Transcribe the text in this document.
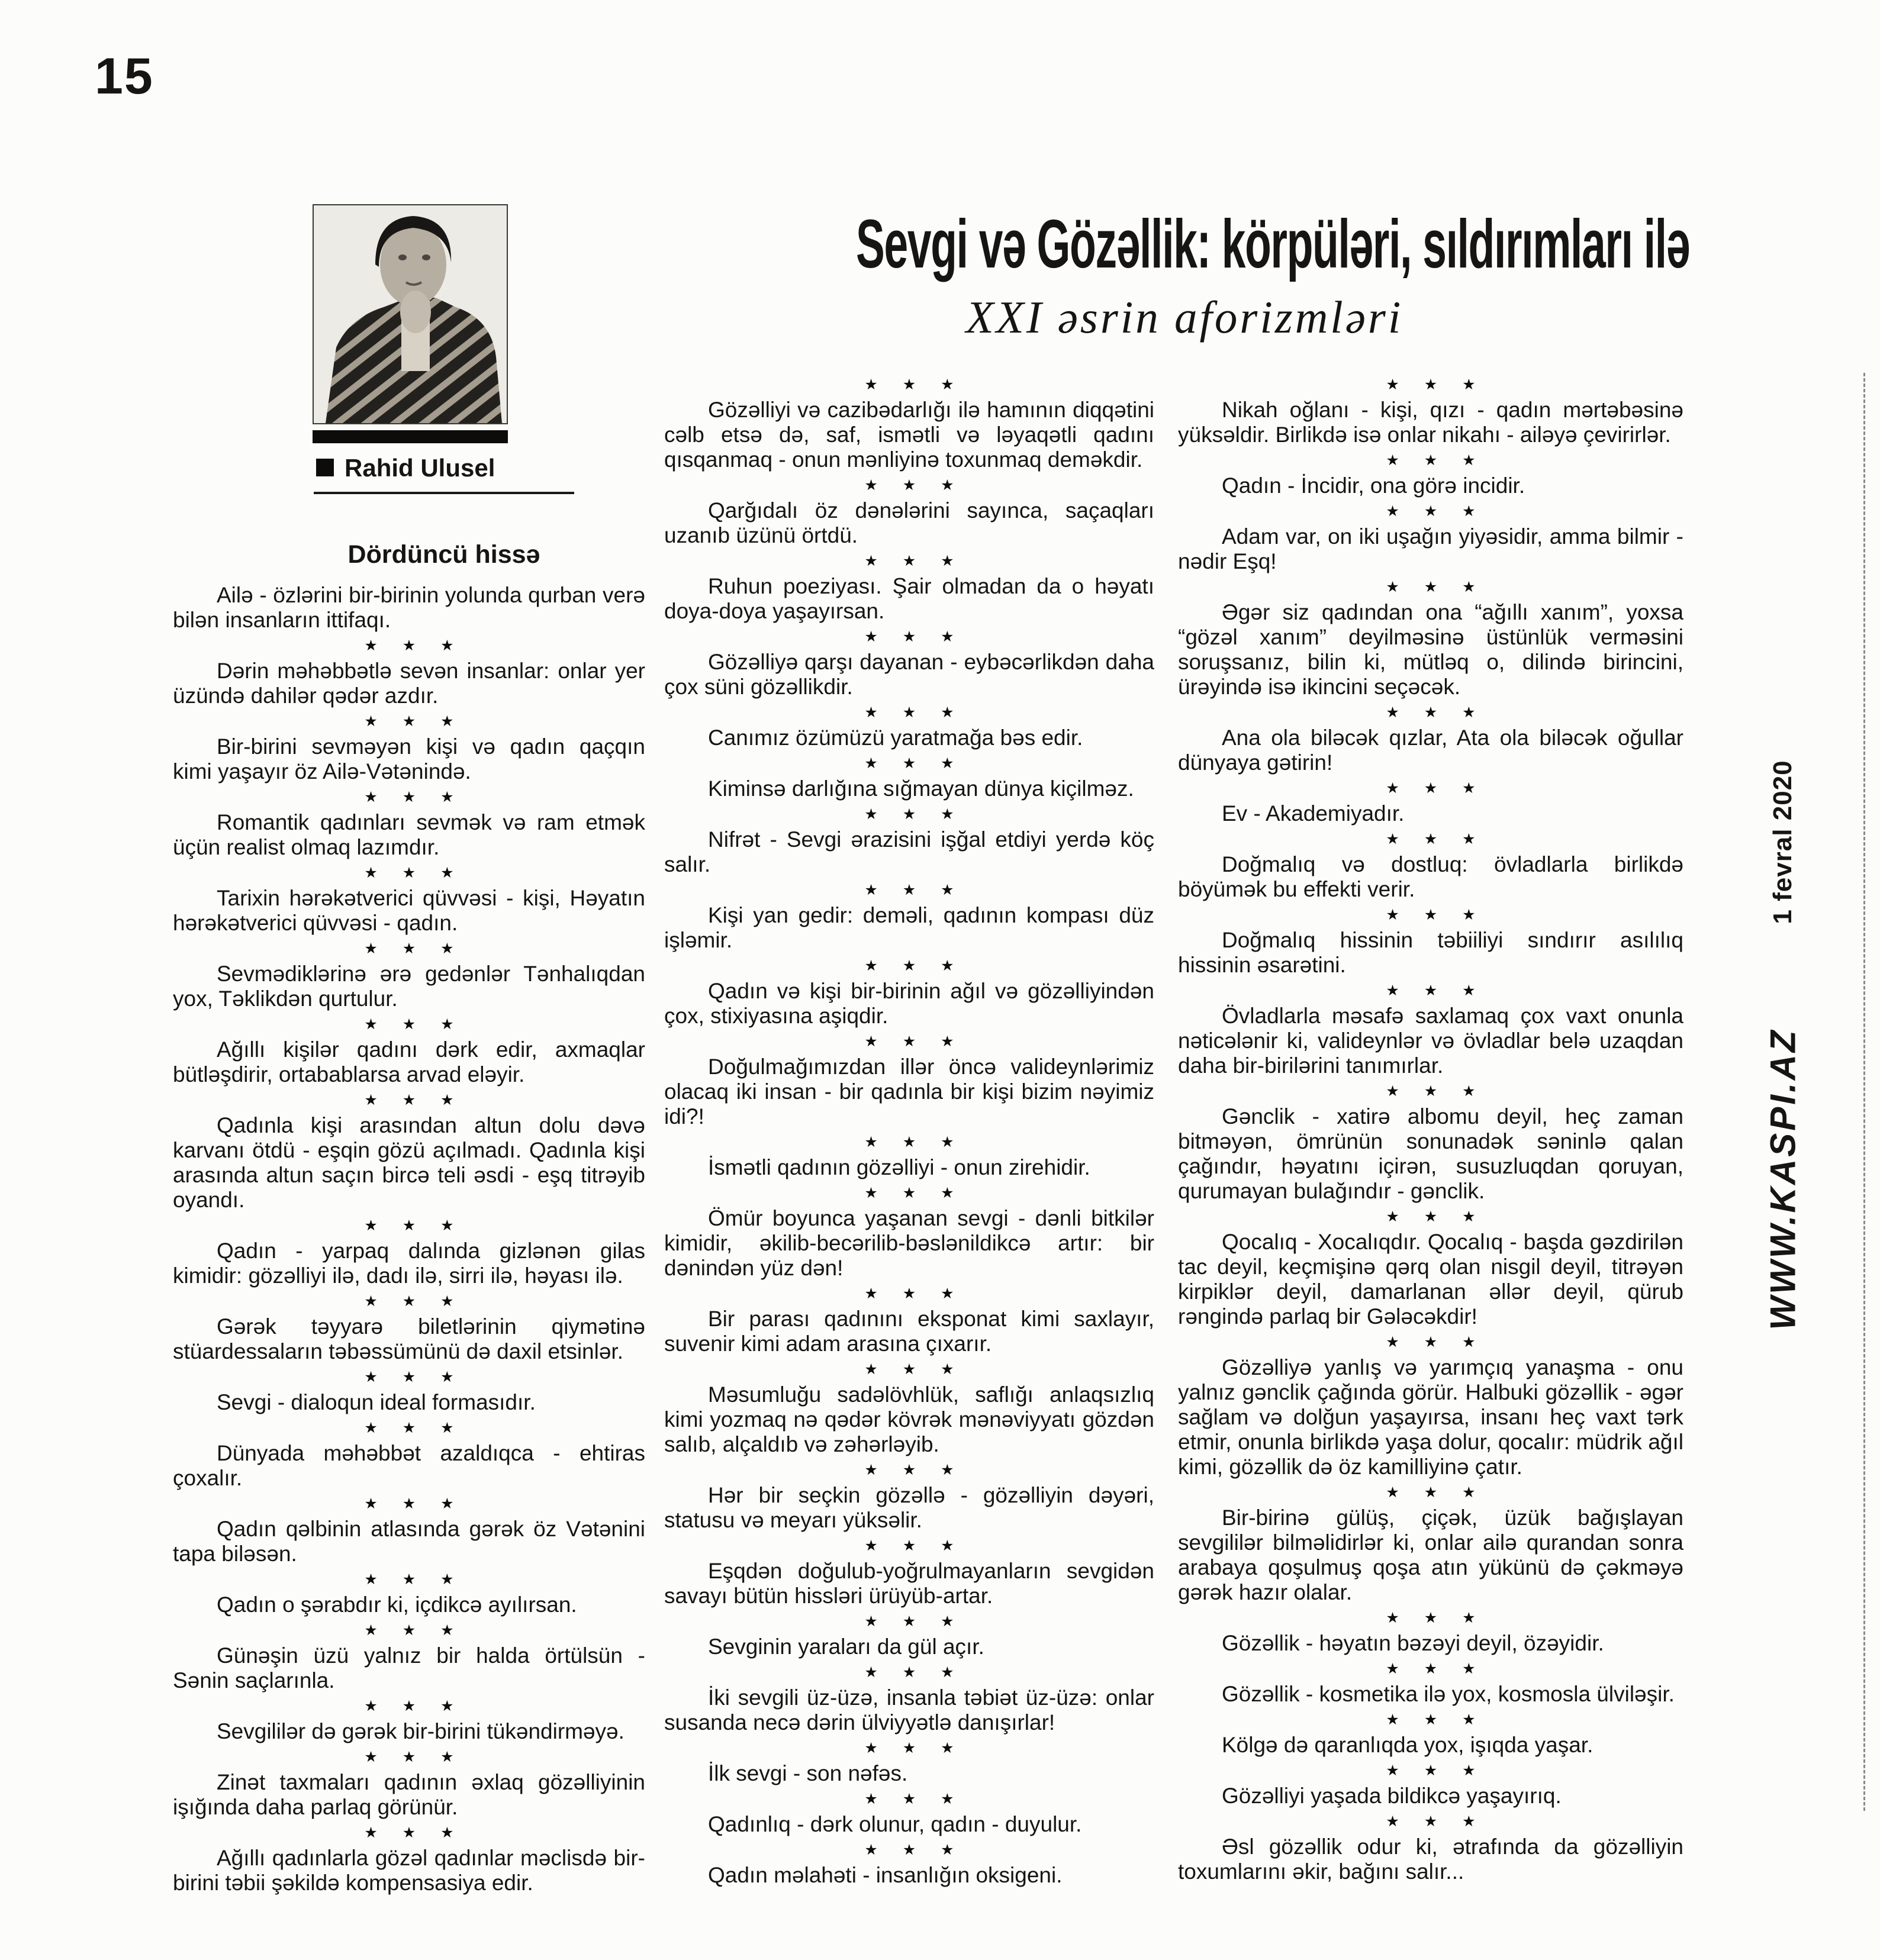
15
Rahid Ulusel
Dördüncü hissə
Sevgi və Gözəllik: körpüləri, sıldırımları ilə
XXI əsrin aforizmləri

Ailə - özlərini bir-birinin yolunda qurban verə bilən insanların ittifaqı.

★ ★ ★

Dərin məhəbbətlə sevən insanlar: onlar yer üzündə dahilər qədər azdır.

★ ★ ★

Bir-birini sevməyən kişi və qadın qaçqın kimi yaşayır öz Ailə-Vətənində.

★ ★ ★

Romantik qadınları sevmək və ram etmək üçün realist olmaq lazımdır.

★ ★ ★

Tarixin hərəkətverici qüvvəsi - kişi, Həyatın hərəkətverici qüvvəsi - qadın.

★ ★ ★

Sevmədiklərinə ərə gedənlər Tənhalıqdan yox, Təklikdən qurtulur.

★ ★ ★

Ağıllı kişilər qadını dərk edir, axmaqlar bütləşdirir, ortabablarsa arvad eləyir.

★ ★ ★

Qadınla kişi arasından altun dolu dəvə karvanı ötdü - eşqin gözü açılmadı. Qadınla kişi arasında altun saçın bircə teli əsdi - eşq titrəyib oyandı.

★ ★ ★

Qadın - yarpaq dalında gizlənən gilas kimidir: gözəlliyi ilə, dadı ilə, sirri ilə, həyası ilə.

★ ★ ★

Gərək təyyarə biletlərinin qiymətinə stüardessaların təbəssümünü də daxil etsinlər.

★ ★ ★

Sevgi - dialoqun ideal formasıdır.

★ ★ ★

Dünyada məhəbbət azaldıqca - ehtiras çoxalır.

★ ★ ★

Qadın qəlbinin atlasında gərək öz Vətənini tapa biləsən.

★ ★ ★

Qadın o şərabdır ki, içdikcə ayılırsan.

★ ★ ★

Günəşin üzü yalnız bir halda örtülsün - Sənin saçlarınla.

★ ★ ★

Sevgililər də gərək bir-birini tükəndirməyə.

★ ★ ★

Zinət taxmaları qadının əxlaq gözəlliyinin işığında daha parlaq görünür.

★ ★ ★

Ağıllı qadınlarla gözəl qadınlar məclisdə bir-birini təbii şəkildə kompensasiya edir.

★ ★ ★

Gözəlliyi və cazibədarlığı ilə hamının diqqətini cəlb etsə də, saf, ismətli və ləyaqətli qadını qısqanmaq - onun mənliyinə toxunmaq deməkdir.

★ ★ ★

Qarğıdalı öz dənələrini sayınca, saçaqları uzanıb üzünü örtdü.

★ ★ ★

Ruhun poeziyası. Şair olmadan da o həyatı doya-doya yaşayırsan.

★ ★ ★

Gözəlliyə qarşı dayanan - eybəcərlikdən daha çox süni gözəllikdir.

★ ★ ★

Canımız özümüzü yaratmağa bəs edir.

★ ★ ★

Kiminsə darlığına sığmayan dünya kiçilməz.

★ ★ ★

Nifrət - Sevgi ərazisini işğal etdiyi yerdə köç salır.

★ ★ ★

Kişi yan gedir: deməli, qadının kompası düz işləmir.

★ ★ ★

Qadın və kişi bir-birinin ağıl və gözəlliyindən çox, stixiyasına aşiqdir.

★ ★ ★

Doğulmağımızdan illər öncə valideynlərimiz olacaq iki insan - bir qadınla bir kişi bizim nəyimiz idi?!

★ ★ ★

İsmətli qadının gözəlliyi - onun zirehidir.

★ ★ ★

Ömür boyunca yaşanan sevgi - dənli bitkilər kimidir, əkilib-becərilib-bəslənildikcə artır: bir dənindən yüz dən!

★ ★ ★

Bir parası qadınını eksponat kimi saxlayır, suvenir kimi adam arasına çıxarır.

★ ★ ★

Məsumluğu sadəlövhlük, saflığı anlaqsızlıq kimi yozmaq nə qədər kövrək mənəviyyatı gözdən salıb, alçaldıb və zəhərləyib.

★ ★ ★

Hər bir seçkin gözəllə - gözəlliyin dəyəri, statusu və meyarı yüksəlir.

★ ★ ★

Eşqdən doğulub-yoğrulmayanların sevgidən savayı bütün hissləri ürüyüb-artar.

★ ★ ★

Sevginin yaraları da gül açır.

★ ★ ★

İki sevgili üz-üzə, insanla təbiət üz-üzə: onlar susanda necə dərin ülviyyətlə danışırlar!

★ ★ ★

İlk sevgi - son nəfəs.

★ ★ ★

Qadınlıq - dərk olunur, qadın - duyulur.

★ ★ ★

Qadın məlahəti - insanlığın oksigeni.

★ ★ ★

Nikah oğlanı - kişi, qızı - qadın mərtəbəsinə yüksəldir. Birlikdə isə onlar nikahı - ailəyə çevirirlər.

★ ★ ★

Qadın - İncidir, ona görə incidir.

★ ★ ★

Adam var, on iki uşağın yiyəsidir, amma bilmir - nədir Eşq!

★ ★ ★

Əgər siz qadından ona “ağıllı xanım”, yoxsa “gözəl xanım” deyilməsinə üstünlük verməsini soruşsanız, bilin ki, mütləq o, dilində birincini, ürəyində isə ikincini seçəcək.

★ ★ ★

Ana ola biləcək qızlar, Ata ola biləcək oğullar dünyaya gətirin!

★ ★ ★

Ev - Akademiyadır.

★ ★ ★

Doğmalıq və dostluq: övladlarla birlikdə böyümək bu effekti verir.

★ ★ ★

Doğmalıq hissinin təbiiliyi sındırır asılılıq hissinin əsarətini.

★ ★ ★

Övladlarla məsafə saxlamaq çox vaxt onunla nəticələnir ki, valideynlər və övladlar belə uzaqdan daha bir-birilərini tanımırlar.

★ ★ ★

Gənclik - xatirə albomu deyil, heç zaman bitməyən, ömrünün sonunadək səninlə qalan çağındır, həyatını içirən, susuzluqdan qoruyan, qurumayan bulağındır - gənclik.

★ ★ ★

Qocalıq - Xocalıqdır. Qocalıq - başda gəzdirilən tac deyil, keçmişinə qərq olan nisgil deyil, titrəyən kirpiklər deyil, damarlanan əllər deyil, qürub rəngində parlaq bir Gələcəkdir!

★ ★ ★

Gözəlliyə yanlış və yarımçıq yanaşma - onu yalnız gənclik çağında görür. Halbuki gözəllik - əgər sağlam və dolğun yaşayırsa, insanı heç vaxt tərk etmir, onunla birlikdə yaşa dolur, qocalır: müdrik ağıl kimi, gözəllik də öz kamilliyinə çatır.

★ ★ ★

Bir-birinə gülüş, çiçək, üzük bağışlayan sevgililər bilməlidirlər ki, onlar ailə qurandan sonra arabaya qoşulmuş qoşa atın yükünü də çəkməyə gərək hazır olalar.

★ ★ ★

Gözəllik - həyatın bəzəyi deyil, özəyidir.

★ ★ ★

Gözəllik - kosmetika ilə yox, kosmosla ülviləşir.

★ ★ ★

Kölgə də qaranlıqda yox, işıqda yaşar.

★ ★ ★

Gözəlliyi yaşada bildikcə yaşayırıq.

★ ★ ★

Əsl gözəllik odur ki, ətrafında da gözəlliyin toxumlarını əkir, bağını salır...

1 fevral 2020
WWW.KASPI.AZ
